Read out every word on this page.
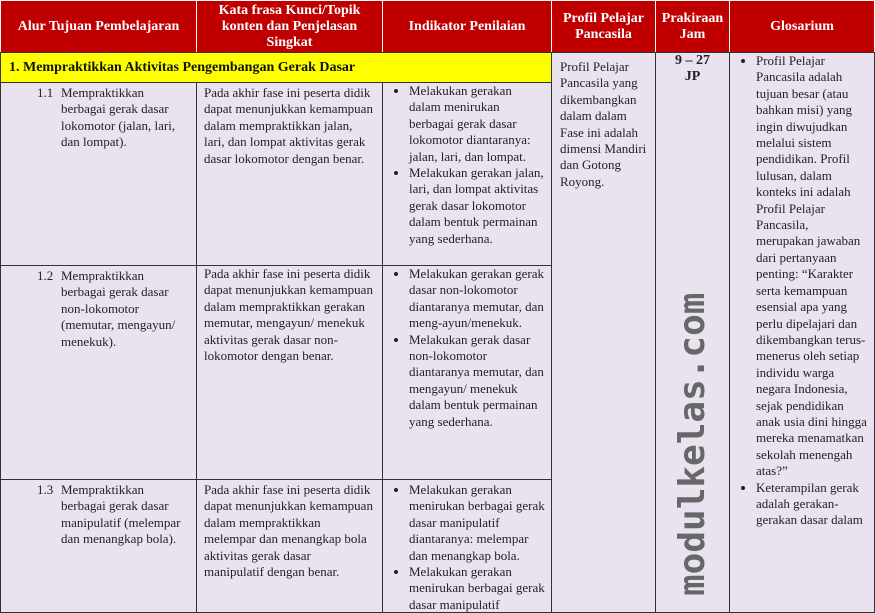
Alur Tujuan Pembelajaran
Kata frasa Kunci/Topik konten dan Penjelasan Singkat
Indikator Penilaian
Profil Pelajar Pancasila
Prakiraan Jam
Glosarium
1. Mempraktikkan Aktivitas Pengembangan Gerak Dasar	Profil Pelajar Pancasila yang dikembangkan dalam dalam Fase ini adalah dimensi Mandiri dan Gotong Royong.
9 – 27
JP
• Profil Pelajar Pancasila adalah tujuan besar (atau bahkan misi) yang ingin diwujudkan melalui sistem pendidikan. Profil lulusan, dalam konteks ini adalah Profil Pelajar Pancasila, merupakan jawaban dari pertanyaan penting: “Karakter serta kemampuan esensial apa yang perlu dipelajari dan dikembangkan terus-menerus oleh setiap individu warga negara Indonesia, sejak pendidikan anak usia dini hingga mereka menamatkan sekolah menengah atas?”
• Keterampilan gerak adalah gerakan-gerakan dasar dalam
1.1 Mempraktikkan berbagai gerak dasar lokomotor (jalan, lari, dan lompat).
Pada akhir fase ini peserta didik dapat menunjukkan kemampuan dalam mempraktikkan jalan, lari, dan lompat aktivitas gerak dasar lokomotor dengan benar.
• Melakukan gerakan dalam menirukan berbagai gerak dasar lokomotor diantaranya: jalan, lari, dan lompat.
• Melakukan gerakan jalan, lari, dan lompat aktivitas gerak dasar lokomotor dalam bentuk permainan yang sederhana.
1.2 Mempraktikkan berbagai gerak dasar non-lokomotor (memutar, mengayun/ menekuk).
Pada akhir fase ini peserta didik dapat menunjukkan kemampuan dalam mempraktikkan gerakan memutar, mengayun/ menekuk aktivitas gerak dasar non-lokomotor dengan benar.
• Melakukan gerakan gerak dasar non-lokomotor diantaranya memutar, dan meng-ayun/menekuk.
• Melakukan gerak dasar non-lokomotor diantaranya memutar, dan mengayun/ menekuk dalam bentuk permainan yang sederhana.
1.3 Mempraktikkan berbagai gerak dasar manipulatif (melempar dan menangkap bola).
Pada akhir fase ini peserta didik dapat menunjukkan kemampuan dalam mempraktikkan melempar dan menangkap bola aktivitas gerak dasar manipulatif dengan benar.
• Melakukan gerakan menirukan berbagai gerak dasar manipulatif diantaranya: melempar dan menangkap bola.
• Melakukan gerakan menirukan berbagai gerak dasar manipulatif
modulkelas.com
